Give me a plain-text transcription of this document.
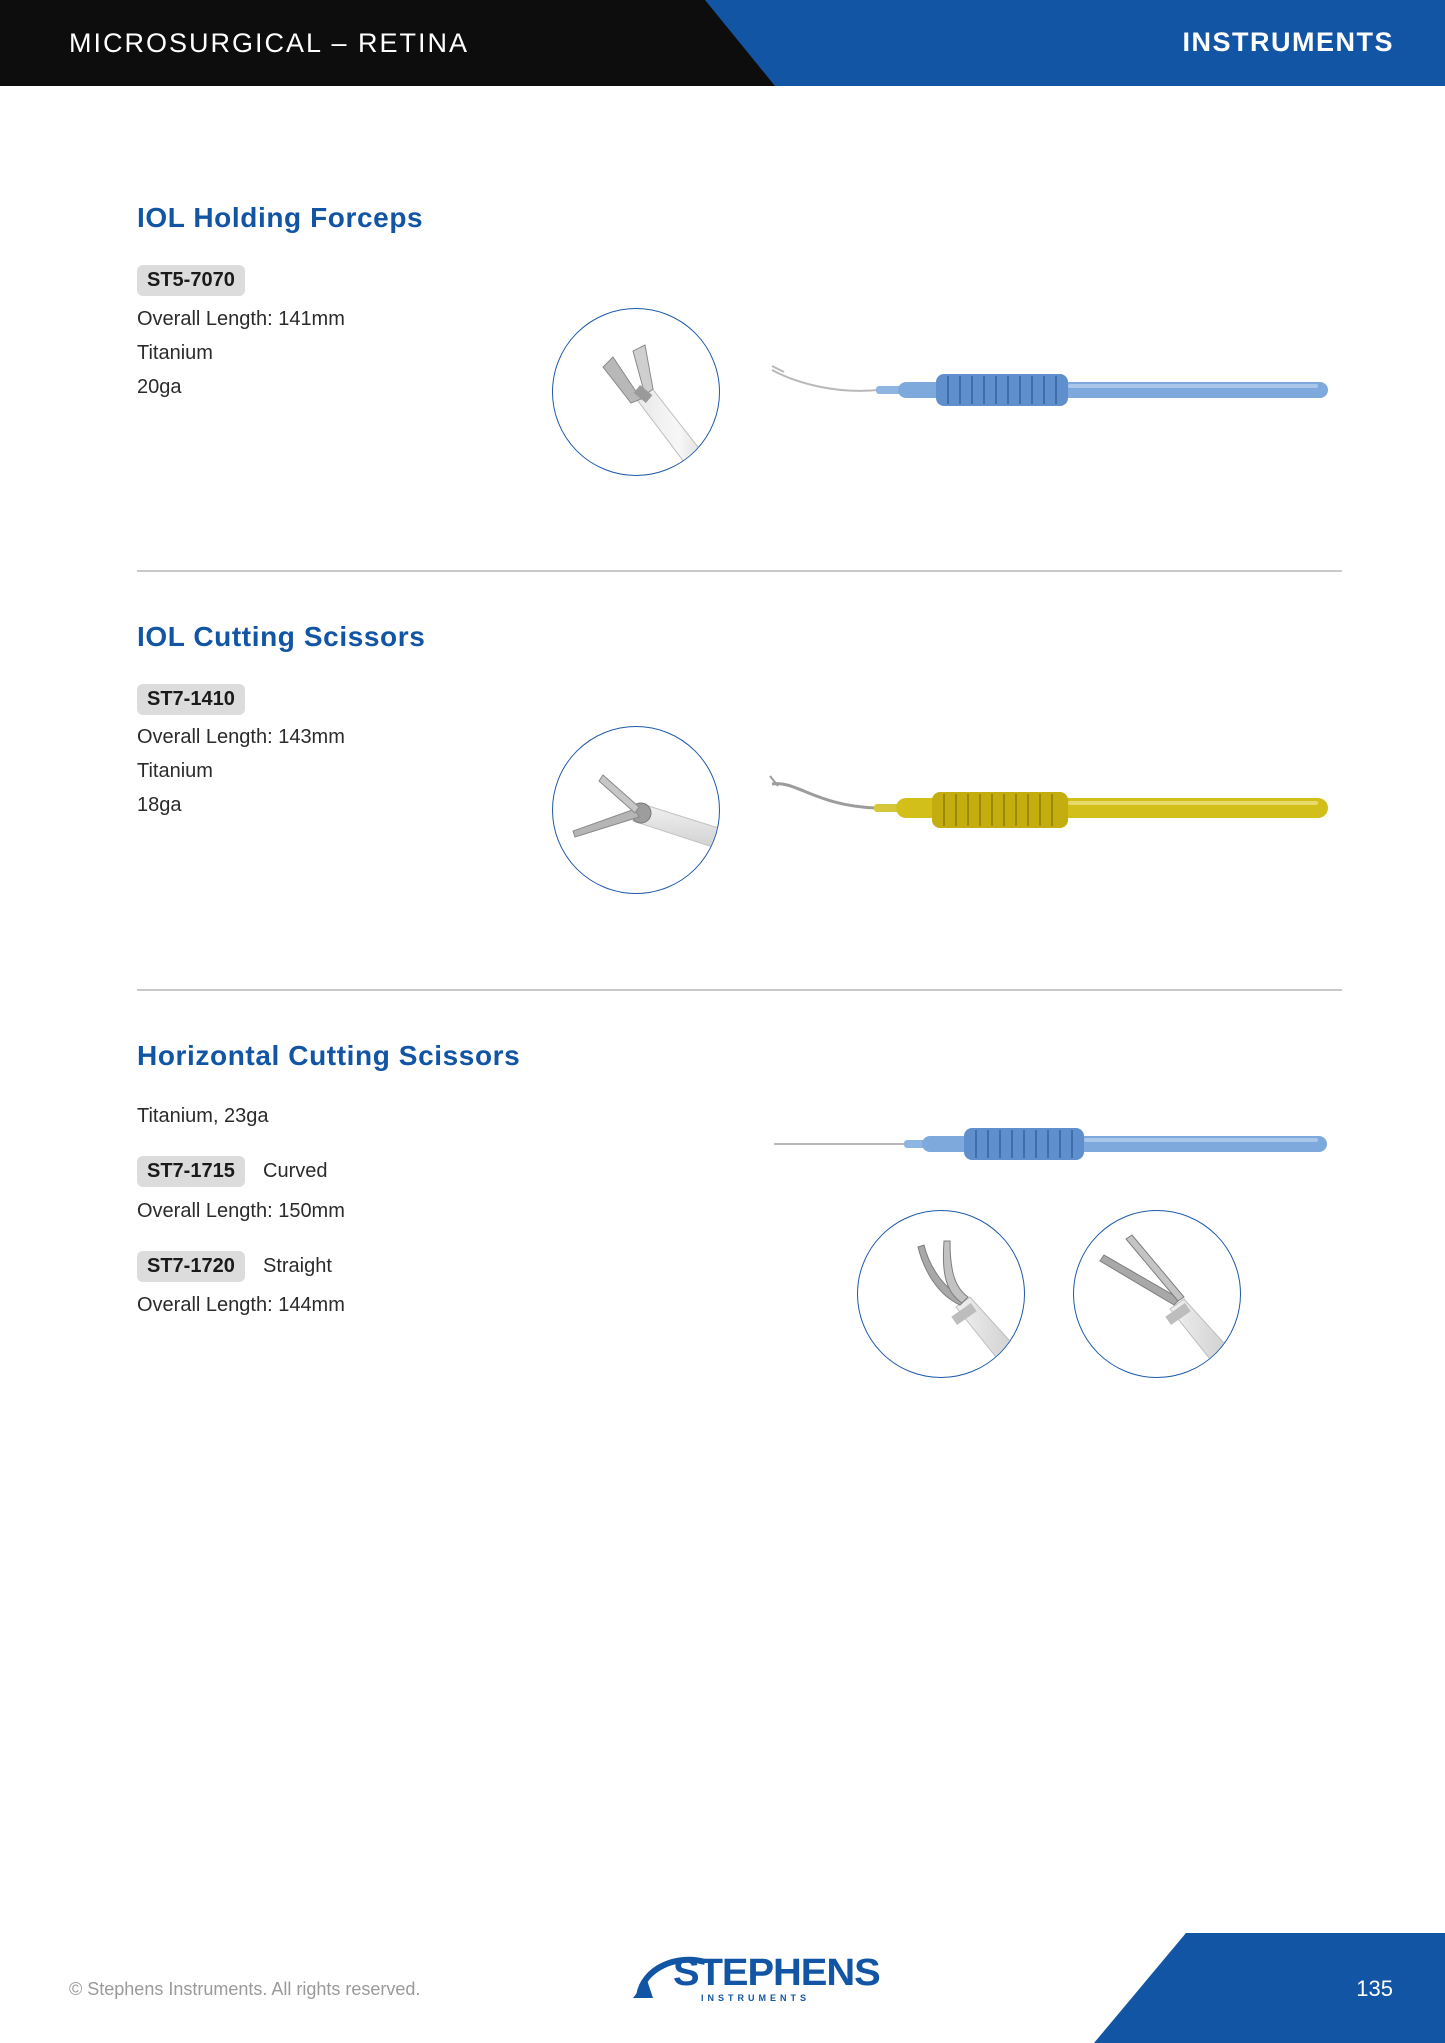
MICROSURGICAL – RETINA	INSTRUMENTS
IOL Holding Forceps
ST5-7070
Overall Length: 141mm
Titanium
20ga
IOL Cutting Scissors
ST7-1410
Overall Length: 143mm
Titanium
18ga
Horizontal Cutting Scissors
Titanium, 23ga
ST7-1715	Curved
Overall Length: 150mm
ST7-1720	Straight
Overall Length: 144mm
© Stephens Instruments. All rights reserved.	135
STEPHENS
INSTRUMENTS
